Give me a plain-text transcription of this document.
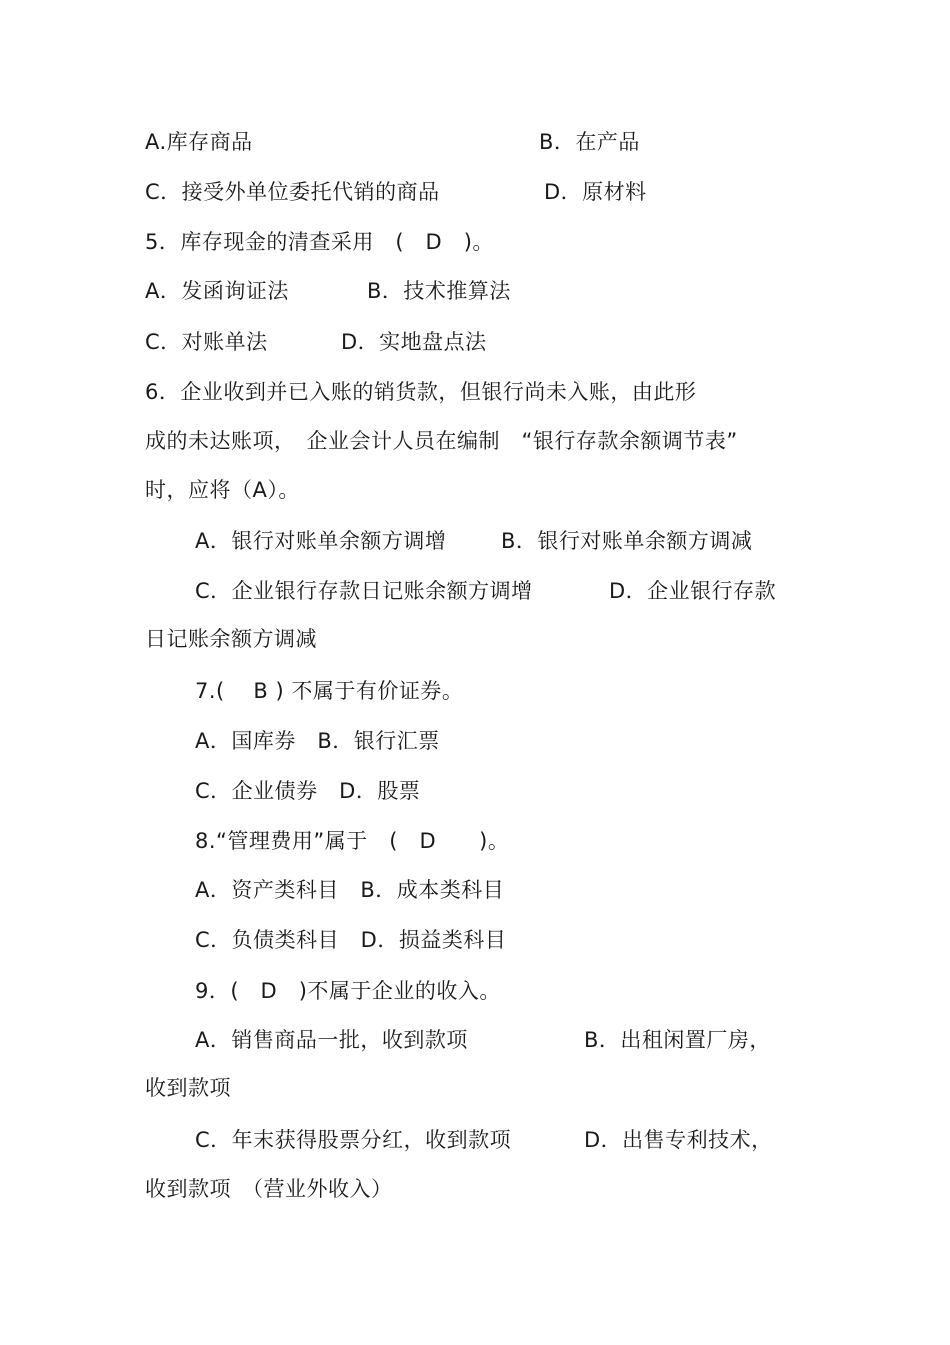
A.库存商品	B．在产品
C．接受外单位委托代销的商品	D．原材料
5．库存现金的清查采用　(　D　)。
A．发函询证法	B．技术推算法
C．对账单法	D．实地盘点法
6．企业收到并已入账的销货款，但银行尚未入账，由此形
成的未达账项，　企业会计人员在编制　“银行存款余额调节表”
时，应将（A）。
A．银行对账单余额方调增	B．银行对账单余额方调减
C．企业银行存款日记账余额方调增	D．企业银行存款
日记账余额方调减
7.(　 B ) 不属于有价证券。
A．国库券　B．银行汇票
C．企业债券　D．股票
8.“管理费用”属于　(　D　　)。
A．资产类科目　B．成本类科目
C．负债类科目　D．损益类科目
9．(　D　)不属于企业的收入。
A．销售商品一批，收到款项	B．出租闲置厂房，
收到款项
C．年末获得股票分红，收到款项	D．出售专利技术，
收到款项　（营业外收入）
